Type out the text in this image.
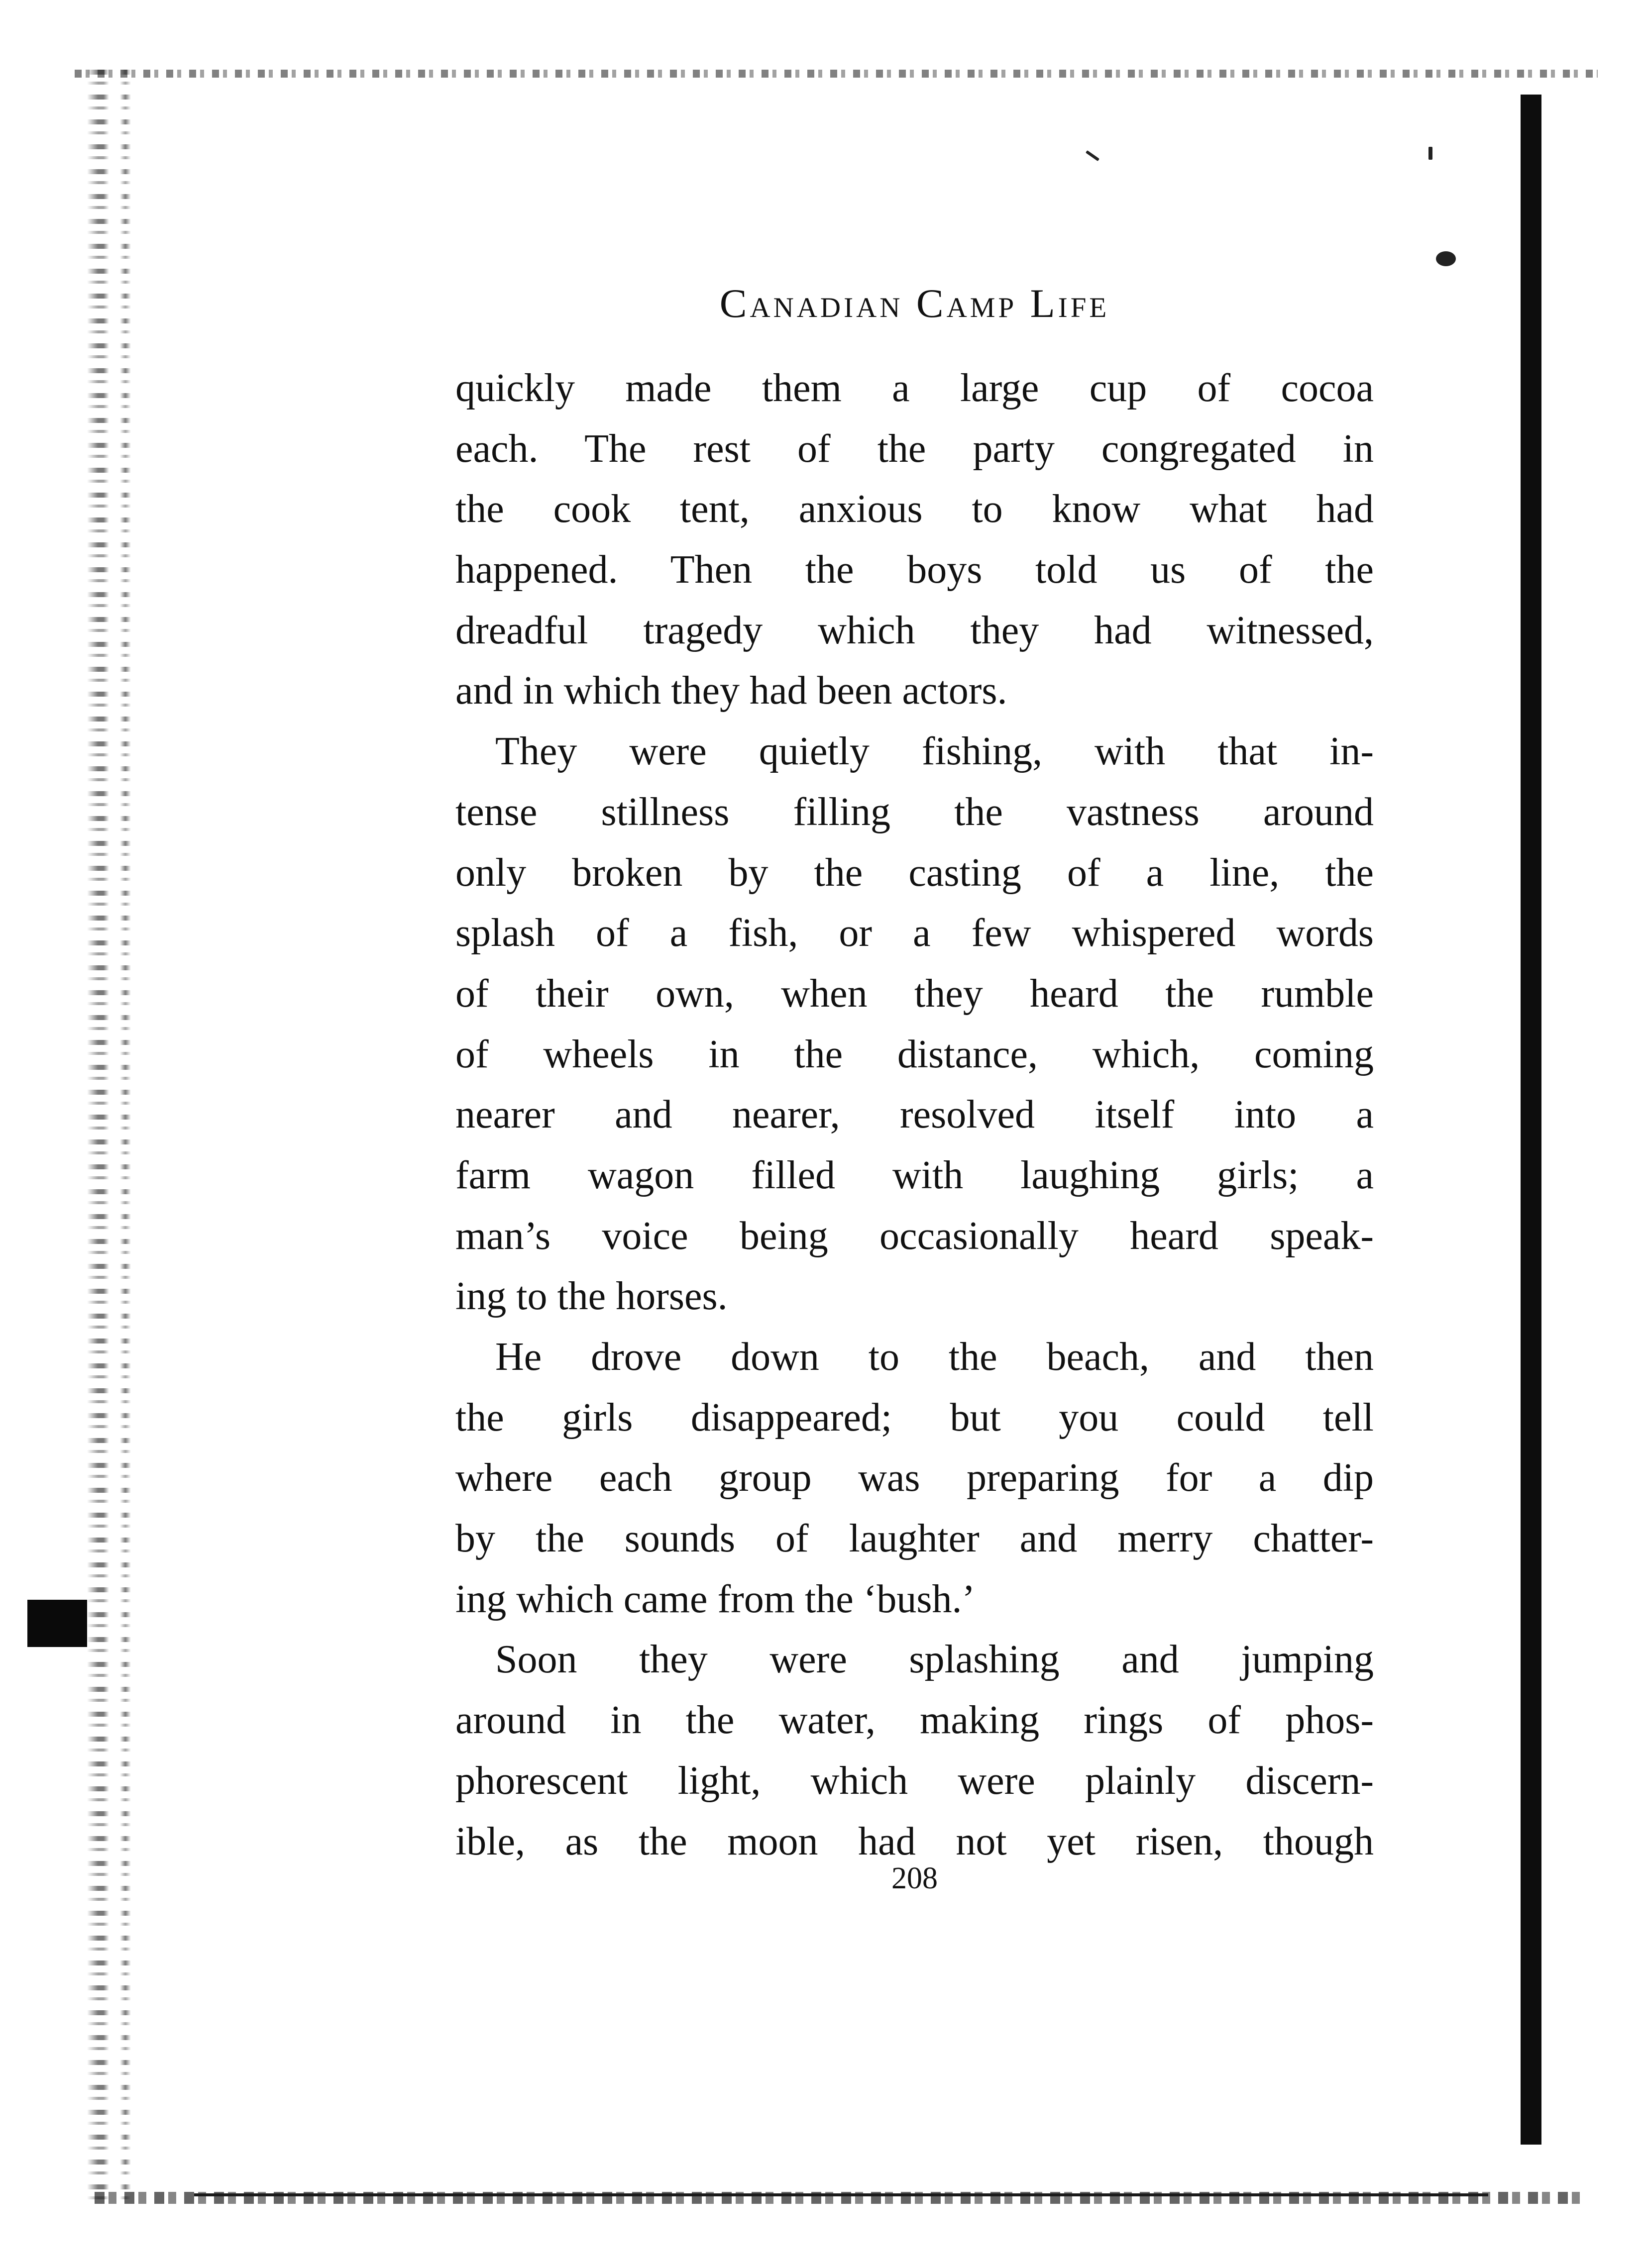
Canadian Camp Life
quickly made them a large cup of cocoa
each. The rest of the party congregated in
the cook tent, anxious to know what had
happened. Then the boys told us of the
dreadful tragedy which they had witnessed,
and in which they had been actors.
They were quietly fishing, with that in-
tense stillness filling the vastness around
only broken by the casting of a line, the
splash of a fish, or a few whispered words
of their own, when they heard the rumble
of wheels in the distance, which, coming
nearer and nearer, resolved itself into a
farm wagon filled with laughing girls; a
man’s voice being occasionally heard speak-
ing to the horses.
He drove down to the beach, and then
the girls disappeared; but you could tell
where each group was preparing for a dip
by the sounds of laughter and merry chatter-
ing which came from the ‘bush.’
Soon they were splashing and jumping
around in the water, making rings of phos-
phorescent light, which were plainly discern-
ible, as the moon had not yet risen, though
208
